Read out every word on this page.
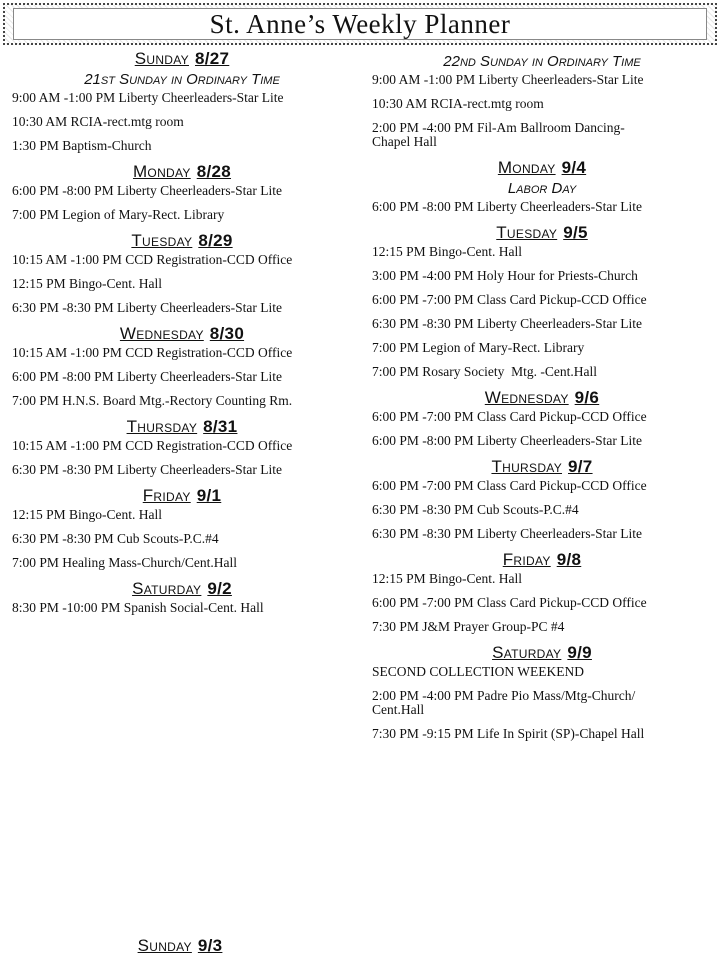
St. Anne’s Weekly Planner
Sunday 8/27
21st Sunday in Ordinary Time
9:00 AM -1:00 PM Liberty Cheerleaders-Star Lite
10:30 AM RCIA-rect.mtg room
1:30 PM Baptism-Church
Monday 8/28
6:00 PM -8:00 PM Liberty Cheerleaders-Star Lite
7:00 PM Legion of Mary-Rect. Library
Tuesday 8/29
10:15 AM -1:00 PM CCD Registration-CCD Office
12:15 PM Bingo-Cent. Hall
6:30 PM -8:30 PM Liberty Cheerleaders-Star Lite
Wednesday 8/30
10:15 AM -1:00 PM CCD Registration-CCD Office
6:00 PM -8:00 PM Liberty Cheerleaders-Star Lite
7:00 PM H.N.S. Board Mtg.-Rectory Counting Rm.
Thursday 8/31
10:15 AM -1:00 PM CCD Registration-CCD Office
6:30 PM -8:30 PM Liberty Cheerleaders-Star Lite
Friday 9/1
12:15 PM Bingo-Cent. Hall
6:30 PM -8:30 PM Cub Scouts-P.C.#4
7:00 PM Healing Mass-Church/Cent.Hall
Saturday 9/2
8:30 PM -10:00 PM Spanish Social-Cent. Hall
22nd Sunday in Ordinary Time
9:00 AM -1:00 PM Liberty Cheerleaders-Star Lite
10:30 AM RCIA-rect.mtg room
2:00 PM -4:00 PM Fil-Am Ballroom Dancing-
Chapel Hall
Monday 9/4
Labor Day
6:00 PM -8:00 PM Liberty Cheerleaders-Star Lite
Tuesday 9/5
12:15 PM Bingo-Cent. Hall
3:00 PM -4:00 PM Holy Hour for Priests-Church
6:00 PM -7:00 PM Class Card Pickup-CCD Office
6:30 PM -8:30 PM Liberty Cheerleaders-Star Lite
7:00 PM Legion of Mary-Rect. Library
7:00 PM Rosary Society  Mtg. -Cent.Hall
Wednesday 9/6
6:00 PM -7:00 PM Class Card Pickup-CCD Office
6:00 PM -8:00 PM Liberty Cheerleaders-Star Lite
Thursday 9/7
6:00 PM -7:00 PM Class Card Pickup-CCD Office
6:30 PM -8:30 PM Cub Scouts-P.C.#4
6:30 PM -8:30 PM Liberty Cheerleaders-Star Lite
Friday 9/8
12:15 PM Bingo-Cent. Hall
6:00 PM -7:00 PM Class Card Pickup-CCD Office
7:30 PM J&M Prayer Group-PC #4
Saturday 9/9
SECOND COLLECTION WEEKEND
2:00 PM -4:00 PM Padre Pio Mass/Mtg-Church/
Cent.Hall
7:30 PM -9:15 PM Life In Spirit (SP)-Chapel Hall
Sunday 9/3
